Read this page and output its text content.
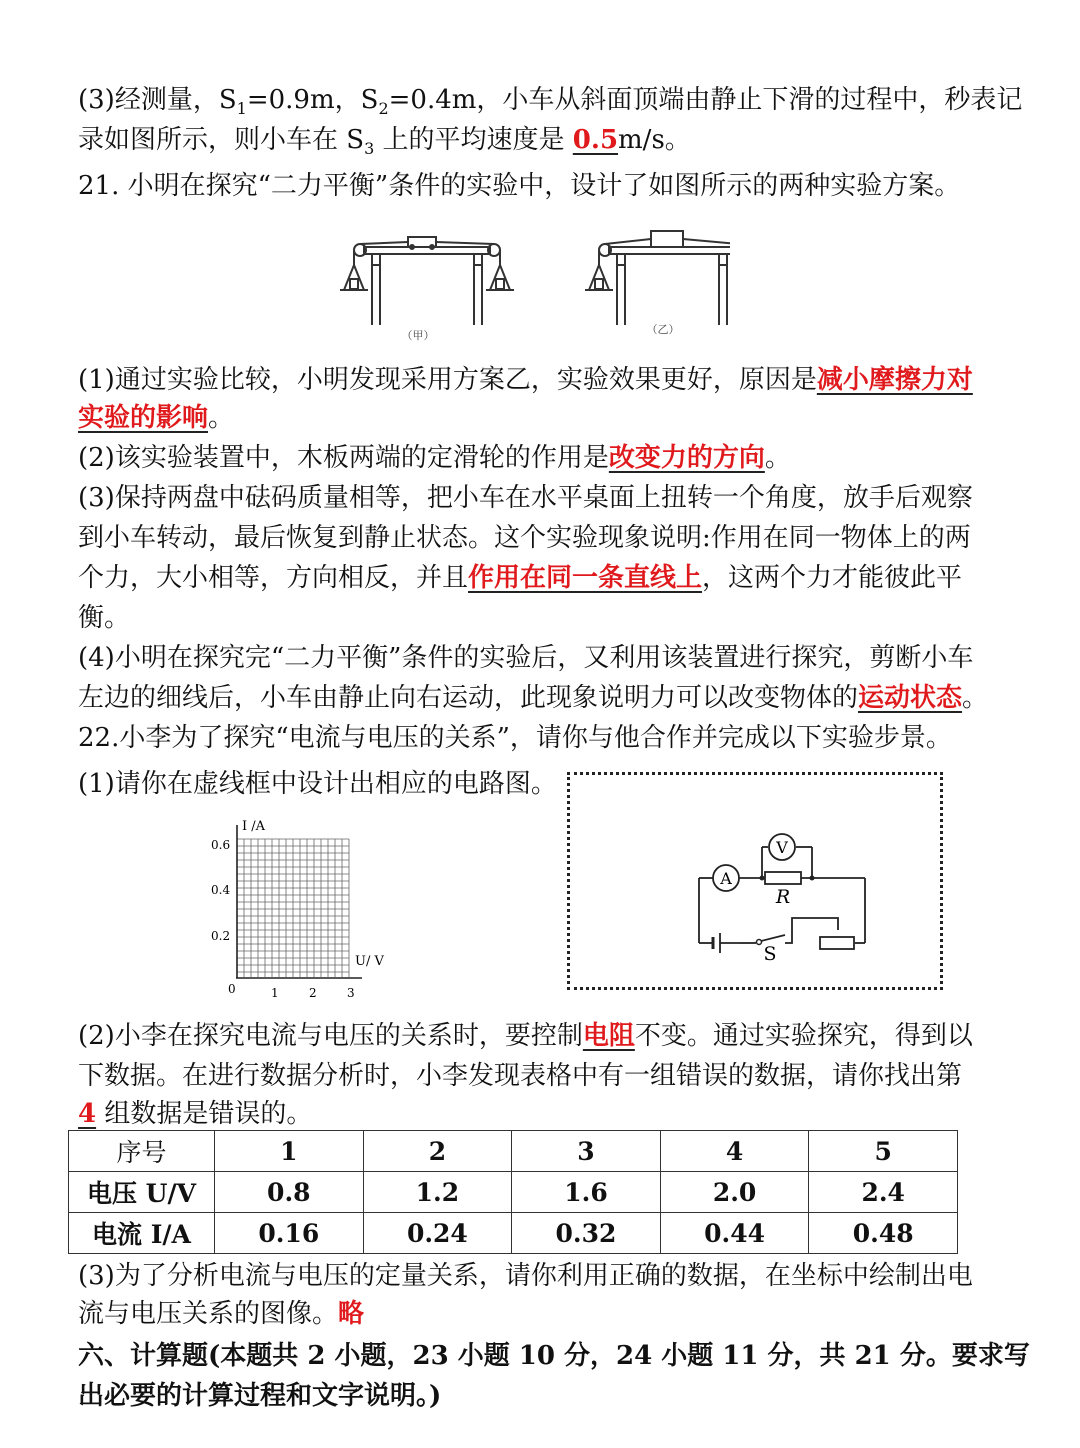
(3)经测量，$S_1=0.9m$，$S_2=0.4m$，小车从斜面顶端由静止下滑的过程中，秒表记
录如图所示，则小车在 $S_3$ 上的平均速度是 0.5m/s。
21. 小明在探究“二力平衡”条件的实验中，设计了如图所示的两种实验方案。
（甲）	（乙）
(1)通过实验比较，小明发现采用方案乙，实验效果更好，原因是减小摩擦力对
实验的影响。
(2)该实验装置中，木板两端的定滑轮的作用是改变力的方向。
(3)保持两盘中砝码质量相等，把小车在水平桌面上扭转一个角度，放手后观察
到小车转动，最后恢复到静止状态。这个实验现象说明:作用在同一物体上的两
个力，大小相等，方向相反，并且作用在同一条直线上，这两个力才能彼此平
衡。
(4)小明在探究完“二力平衡”条件的实验后，又利用该装置进行探究，剪断小车
左边的细线后，小车由静止向右运动，此现象说明力可以改变物体的运动状态。
22.小李为了探究“电流与电压的关系”，请你与他合作并完成以下实验步景。
(1)请你在虚线框中设计出相应的电路图。
I /A
U/ V
0.6
0.4
0.2
0	1	2	3
A
V
R
S
(2)小李在探究电流与电压的关系时，要控制电阻不变。通过实验探究，得到以
下数据。在进行数据分析时，小李发现表格中有一组错误的数据，请你找出第
4 组数据是错误的。
序号	1	2	3	4	5
电压 U/V	0.8	1.2	1.6	2.0	2.4
电流 I/A	0.16	0.24	0.32	0.44	0.48
(3)为了分析电流与电压的定量关系，请你利用正确的数据，在坐标中绘制出电
流与电压关系的图像。略
六、计算题(本题共 2 小题，23 小题 10 分，24 小题 11 分，共 21 分。要求写
出必要的计算过程和文字说明。)
